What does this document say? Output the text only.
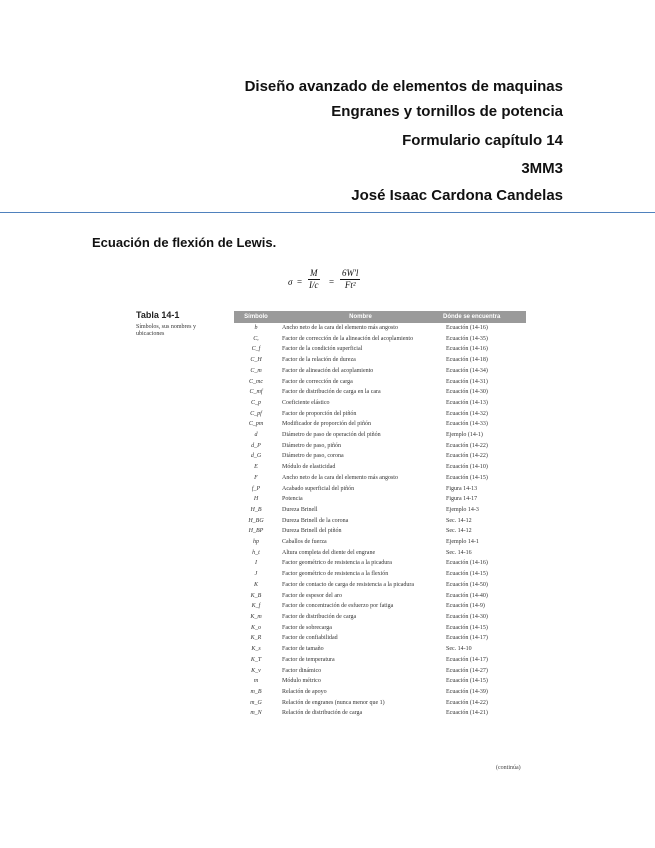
Diseño avanzado de elementos de maquinas
Engranes y tornillos de potencia
Formulario capítulo 14
3MM3
José Isaac Cardona Candelas
Ecuación de flexión de Lewis.
$\sigma = \frac{M}{I/c} = \frac{6W'l}{\text{Ft²}}$
Tabla 14-1
Símbolos, sus nombres y ubicaciones
Símbolo	Nombre	Dónde se encuentra
b	Ancho neto de la cara del elemento más angosto	Ecuación (14-16)
Cₑ	Factor de corrección de la alineación del acoplamiento	Ecuación (14-35)
C_f	Factor de la condición superficial	Ecuación (14-16)
C_H	Factor de la relación de dureza	Ecuación (14-18)
C_m	Factor de alineación del acoplamiento	Ecuación (14-34)
C_mc	Factor de corrección de carga	Ecuación (14-31)
C_mf	Factor de distribución de carga en la cara	Ecuación (14-30)
C_p	Coeficiente elástico	Ecuación (14-13)
C_pf	Factor de proporción del piñón	Ecuación (14-32)
C_pm	Modificador de proporción del piñón	Ecuación (14-33)
d	Diámetro de paso de operación del piñón	Ejemplo (14-1)
d_P	Diámetro de paso, piñón	Ecuación (14-22)
d_G	Diámetro de paso, corona	Ecuación (14-22)
E	Módulo de elasticidad	Ecuación (14-10)
F	Ancho neto de la cara del elemento más angosto	Ecuación (14-15)
f_P	Acabado superficial del piñón	Figura 14-13
H	Potencia	Figura 14-17
H_B	Dureza Brinell	Ejemplo 14-3
H_BG	Dureza Brinell de la corona	Sec. 14-12
H_BP	Dureza Brinell del piñón	Sec. 14-12
hp	Caballos de fuerza	Ejemplo 14-1
h_t	Altura completa del diente del engrane	Sec. 14-16
I	Factor geométrico de resistencia a la picadura	Ecuación (14-16)
J	Factor geométrico de resistencia a la flexión	Ecuación (14-15)
K	Factor de contacto de carga de resistencia a la picadura	Ecuación (14-50)
K_B	Factor de espesor del aro	Ecuación (14-40)
K_f	Factor de concentración de esfuerzo por fatiga	Ecuación (14-9)
K_m	Factor de distribución de carga	Ecuación (14-30)
K_o	Factor de sobrecarga	Ecuación (14-15)
K_R	Factor de confiabilidad	Ecuación (14-17)
K_s	Factor de tamaño	Sec. 14-10
K_T	Factor de temperatura	Ecuación (14-17)
K_v	Factor dinámico	Ecuación (14-27)
m	Módulo métrico	Ecuación (14-15)
m_B	Relación de apoyo	Ecuación (14-39)
m_G	Relación de engranes (nunca menor que 1)	Ecuación (14-22)
m_N	Relación de distribución de carga	Ecuación (14-21)
(continúa)
